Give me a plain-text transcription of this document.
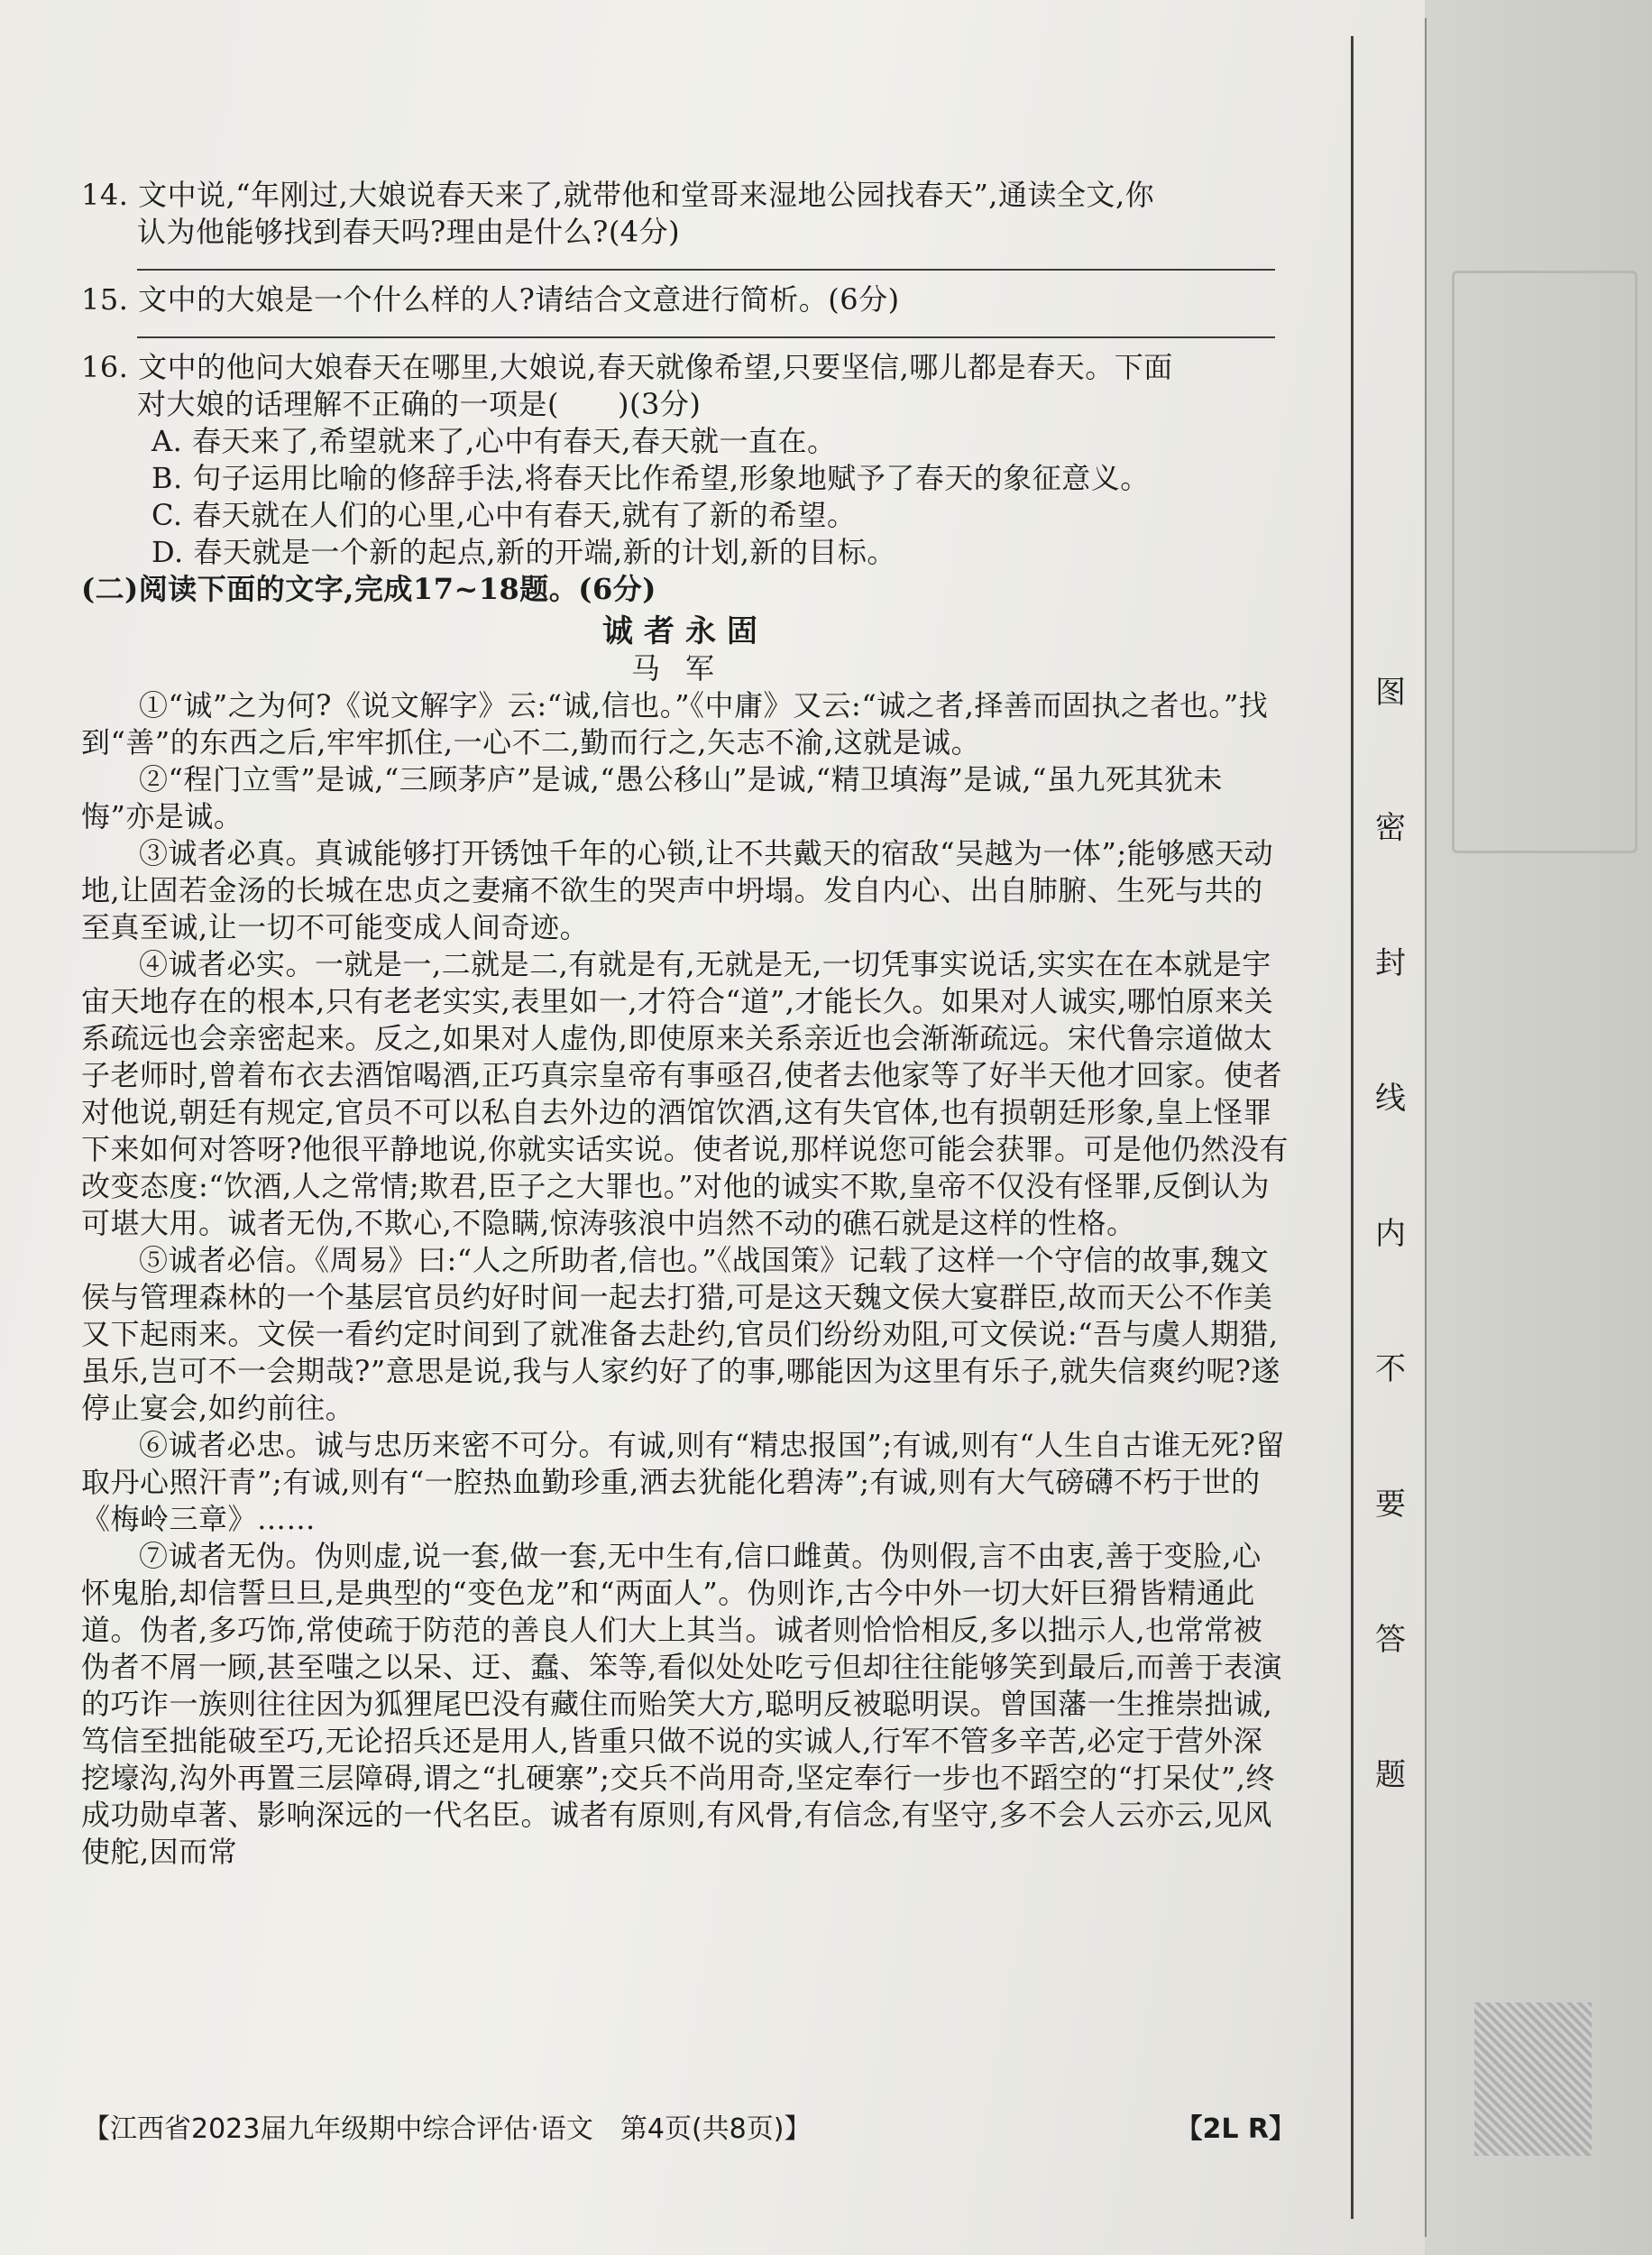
图
密
封
线
内
不
要
答
题
14. 文中说,“年刚过,大娘说春天来了,就带他和堂哥来湿地公园找春天”,通读全文,你
认为他能够找到春天吗?理由是什么?(4分)
15. 文中的大娘是一个什么样的人?请结合文意进行简析。(6分)
16. 文中的他问大娘春天在哪里,大娘说,春天就像希望,只要坚信,哪儿都是春天。下面
对大娘的话理解不正确的一项是(　　)(3分)
A. 春天来了,希望就来了,心中有春天,春天就一直在。
B. 句子运用比喻的修辞手法,将春天比作希望,形象地赋予了春天的象征意义。
C. 春天就在人们的心里,心中有春天,就有了新的希望。
D. 春天就是一个新的起点,新的开端,新的计划,新的目标。
(二)阅读下面的文字,完成17~18题。(6分)
诚者永固
马军
①“诚”之为何?《说文解字》云:“诚,信也。”《中庸》又云:“诚之者,择善而固执之者也。”找到“善”的东西之后,牢牢抓住,一心不二,勤而行之,矢志不渝,这就是诚。
②“程门立雪”是诚,“三顾茅庐”是诚,“愚公移山”是诚,“精卫填海”是诚,“虽九死其犹未悔”亦是诚。
③诚者必真。真诚能够打开锈蚀千年的心锁,让不共戴天的宿敌“吴越为一体”;能够感天动地,让固若金汤的长城在忠贞之妻痛不欲生的哭声中坍塌。发自内心、出自肺腑、生死与共的至真至诚,让一切不可能变成人间奇迹。
④诚者必实。一就是一,二就是二,有就是有,无就是无,一切凭事实说话,实实在在本就是宇宙天地存在的根本,只有老老实实,表里如一,才符合“道”,才能长久。如果对人诚实,哪怕原来关系疏远也会亲密起来。反之,如果对人虚伪,即使原来关系亲近也会渐渐疏远。宋代鲁宗道做太子老师时,曾着布衣去酒馆喝酒,正巧真宗皇帝有事亟召,使者去他家等了好半天他才回家。使者对他说,朝廷有规定,官员不可以私自去外边的酒馆饮酒,这有失官体,也有损朝廷形象,皇上怪罪下来如何对答呀?他很平静地说,你就实话实说。使者说,那样说您可能会获罪。可是他仍然没有改变态度:“饮酒,人之常情;欺君,臣子之大罪也。”对他的诚实不欺,皇帝不仅没有怪罪,反倒认为可堪大用。诚者无伪,不欺心,不隐瞒,惊涛骇浪中岿然不动的礁石就是这样的性格。
⑤诚者必信。《周易》曰:“人之所助者,信也。”《战国策》记载了这样一个守信的故事,魏文侯与管理森林的一个基层官员约好时间一起去打猎,可是这天魏文侯大宴群臣,故而天公不作美又下起雨来。文侯一看约定时间到了就准备去赴约,官员们纷纷劝阻,可文侯说:“吾与虞人期猎,虽乐,岂可不一会期哉?”意思是说,我与人家约好了的事,哪能因为这里有乐子,就失信爽约呢?遂停止宴会,如约前往。
⑥诚者必忠。诚与忠历来密不可分。有诚,则有“精忠报国”;有诚,则有“人生自古谁无死?留取丹心照汗青”;有诚,则有“一腔热血勤珍重,洒去犹能化碧涛”;有诚,则有大气磅礴不朽于世的《梅岭三章》……
⑦诚者无伪。伪则虚,说一套,做一套,无中生有,信口雌黄。伪则假,言不由衷,善于变脸,心怀鬼胎,却信誓旦旦,是典型的“变色龙”和“两面人”。伪则诈,古今中外一切大奸巨猾皆精通此道。伪者,多巧饰,常使疏于防范的善良人们大上其当。诚者则恰恰相反,多以拙示人,也常常被伪者不屑一顾,甚至嗤之以呆、迂、蠢、笨等,看似处处吃亏但却往往能够笑到最后,而善于表演的巧诈一族则往往因为狐狸尾巴没有藏住而贻笑大方,聪明反被聪明误。曾国藩一生推崇拙诚,笃信至拙能破至巧,无论招兵还是用人,皆重只做不说的实诚人,行军不管多辛苦,必定于营外深挖壕沟,沟外再置三层障碍,谓之“扎硬寨”;交兵不尚用奇,坚定奉行一步也不蹈空的“打呆仗”,终成功勋卓著、影响深远的一代名臣。诚者有原则,有风骨,有信念,有坚守,多不会人云亦云,见风使舵,因而常
【江西省2023届九年级期中综合评估·语文　第4页(共8页)】	【2L R】
